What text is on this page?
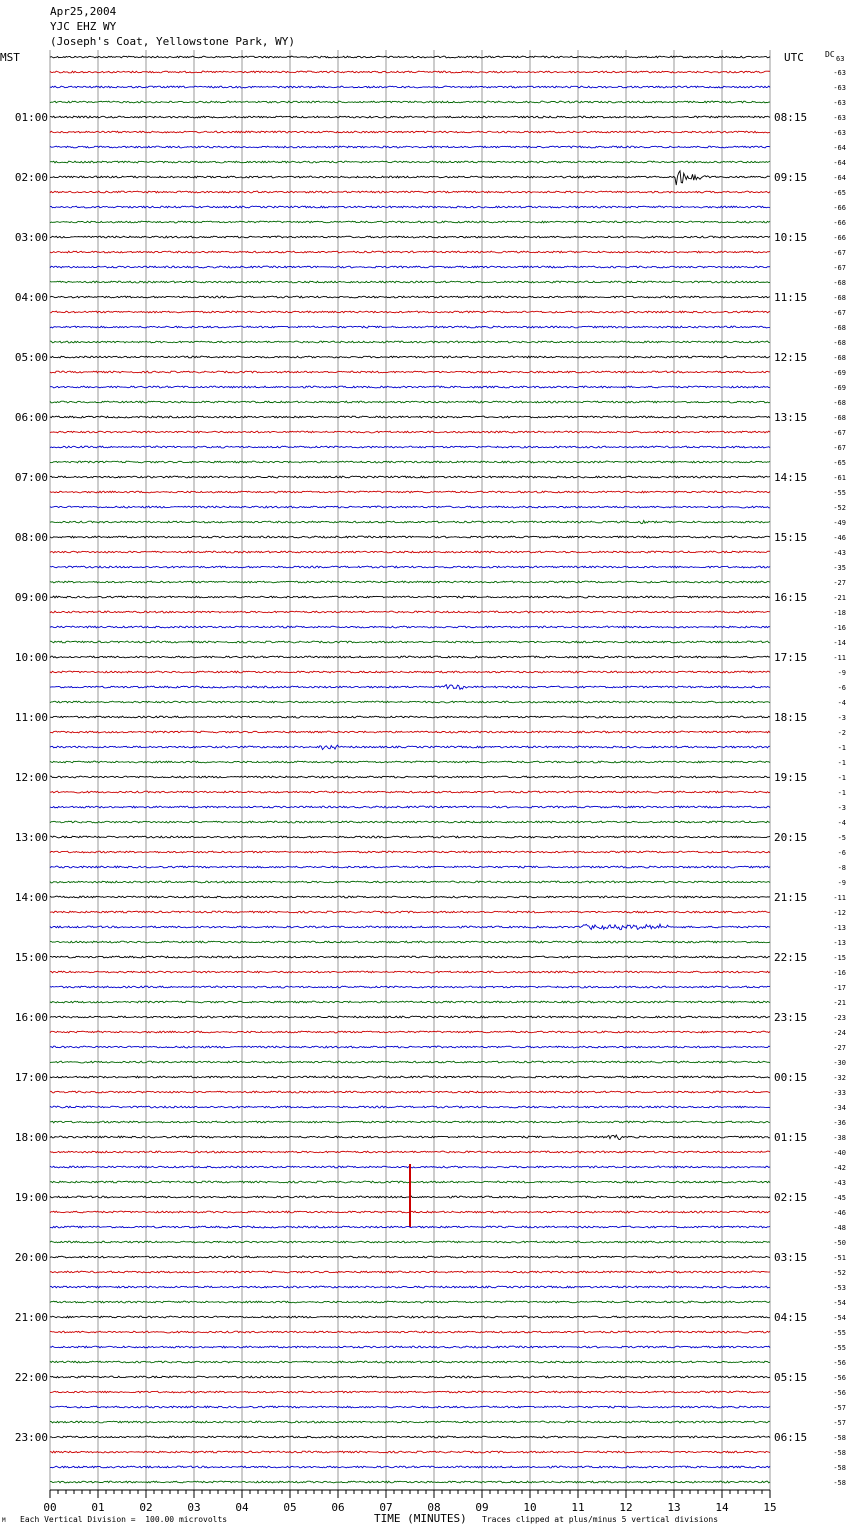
Apr25,2004
YJC EHZ WY
(Joseph's Coat, Yellowstone Park, WY)
00	01	02	03	04	05	06	07	08	09	10	11	12	13	14	15
DC 63
-63
-63
-63
-63
-63
-64
-64
-64
-65
-66
-66
-66
-67
-67
-68
-68
-67
-68
-68
-68
-69
-69
-68
-68
-67
-67
-65
-61
-55
-52
-49
-46
-43
-35
-27
-21
-18
-16
-14
-11
-9
-6
-4
-3
-2
-1
-1
-1
-1
-3
-4
-5
-6
-8
-9
-11
-12
-13
-13
-15
-16
-17
-21
-23
-24
-27
-30
-32
-33
-34
-36
-38
-40
-42
-43
-45
-46
-48
-50
-51
-52
-53
-54
-54
-55
-55
-56
-56
-56
-57
-57
-58
-58
-58
-58
MST	UTC
01:00	08:15
02:00	09:15
03:00	10:15
04:00	11:15
05:00	12:15
06:00	13:15
07:00	14:15
08:00	15:15
09:00	16:15
10:00	17:15
11:00	18:15
12:00	19:15
13:00	20:15
14:00	21:15
15:00	22:15
16:00	23:15
17:00	00:15
18:00	01:15
19:00	02:15
20:00	03:15
21:00	04:15
22:00	05:15
23:00	06:15
M Each Vertical Division =  100.00 microvolts	TIME (MINUTES) Traces clipped at plus/minus 5 vertical divisions
